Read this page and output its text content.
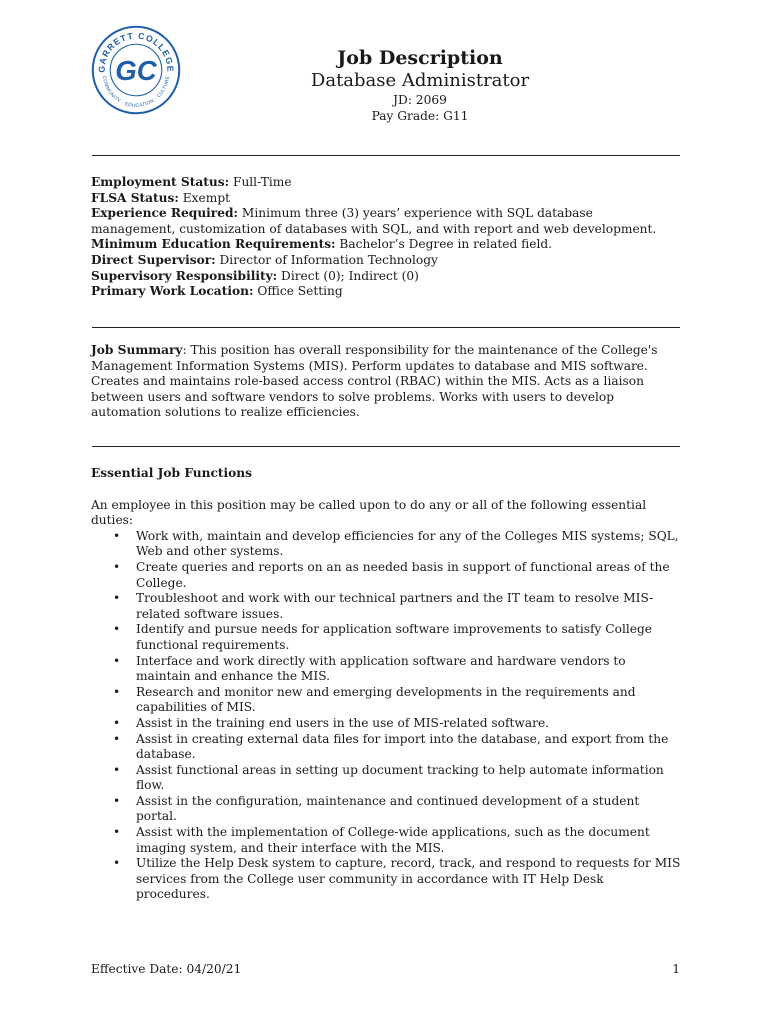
GARRETT COLLEGE
COMMUNITY · EDUCATION · CULTURE
GC	Job Description
Database Administrator
JD: 2069
Pay Grade: G11
Employment Status: Full-Time
FLSA Status: Exempt
Experience Required: Minimum three (3) years’ experience with SQL database management, customization of databases with SQL, and with report and web development.
Minimum Education Requirements: Bachelor’s Degree in related field.
Direct Supervisor: Director of Information Technology
Supervisory Responsibility: Direct (0); Indirect (0)
Primary Work Location: Office Setting
Job Summary: This position has overall responsibility for the maintenance of the College's Management Information Systems (MIS). Perform updates to database and MIS software. Creates and maintains role-based access control (RBAC) within the MIS. Acts as a liaison between users and software vendors to solve problems. Works with users to develop automation solutions to realize efficiencies.
Essential Job Functions
An employee in this position may be called upon to do any or all of the following essential duties:
• Work with, maintain and develop efficiencies for any of the Colleges MIS systems; SQL, Web and other systems.
• Create queries and reports on an as needed basis in support of functional areas of the College.
• Troubleshoot and work with our technical partners and the IT team to resolve MIS-related software issues.
• Identify and pursue needs for application software improvements to satisfy College functional requirements.
• Interface and work directly with application software and hardware vendors to maintain and enhance the MIS.
• Research and monitor new and emerging developments in the requirements and capabilities of MIS.
• Assist in the training end users in the use of MIS-related software.
• Assist in creating external data files for import into the database, and export from the database.
• Assist functional areas in setting up document tracking to help automate information flow.
• Assist in the configuration, maintenance and continued development of a student portal.
• Assist with the implementation of College-wide applications, such as the document imaging system, and their interface with the MIS.
• Utilize the Help Desk system to capture, record, track, and respond to requests for MIS services from the College user community in accordance with IT Help Desk procedures.
Effective Date: 04/20/21	1
